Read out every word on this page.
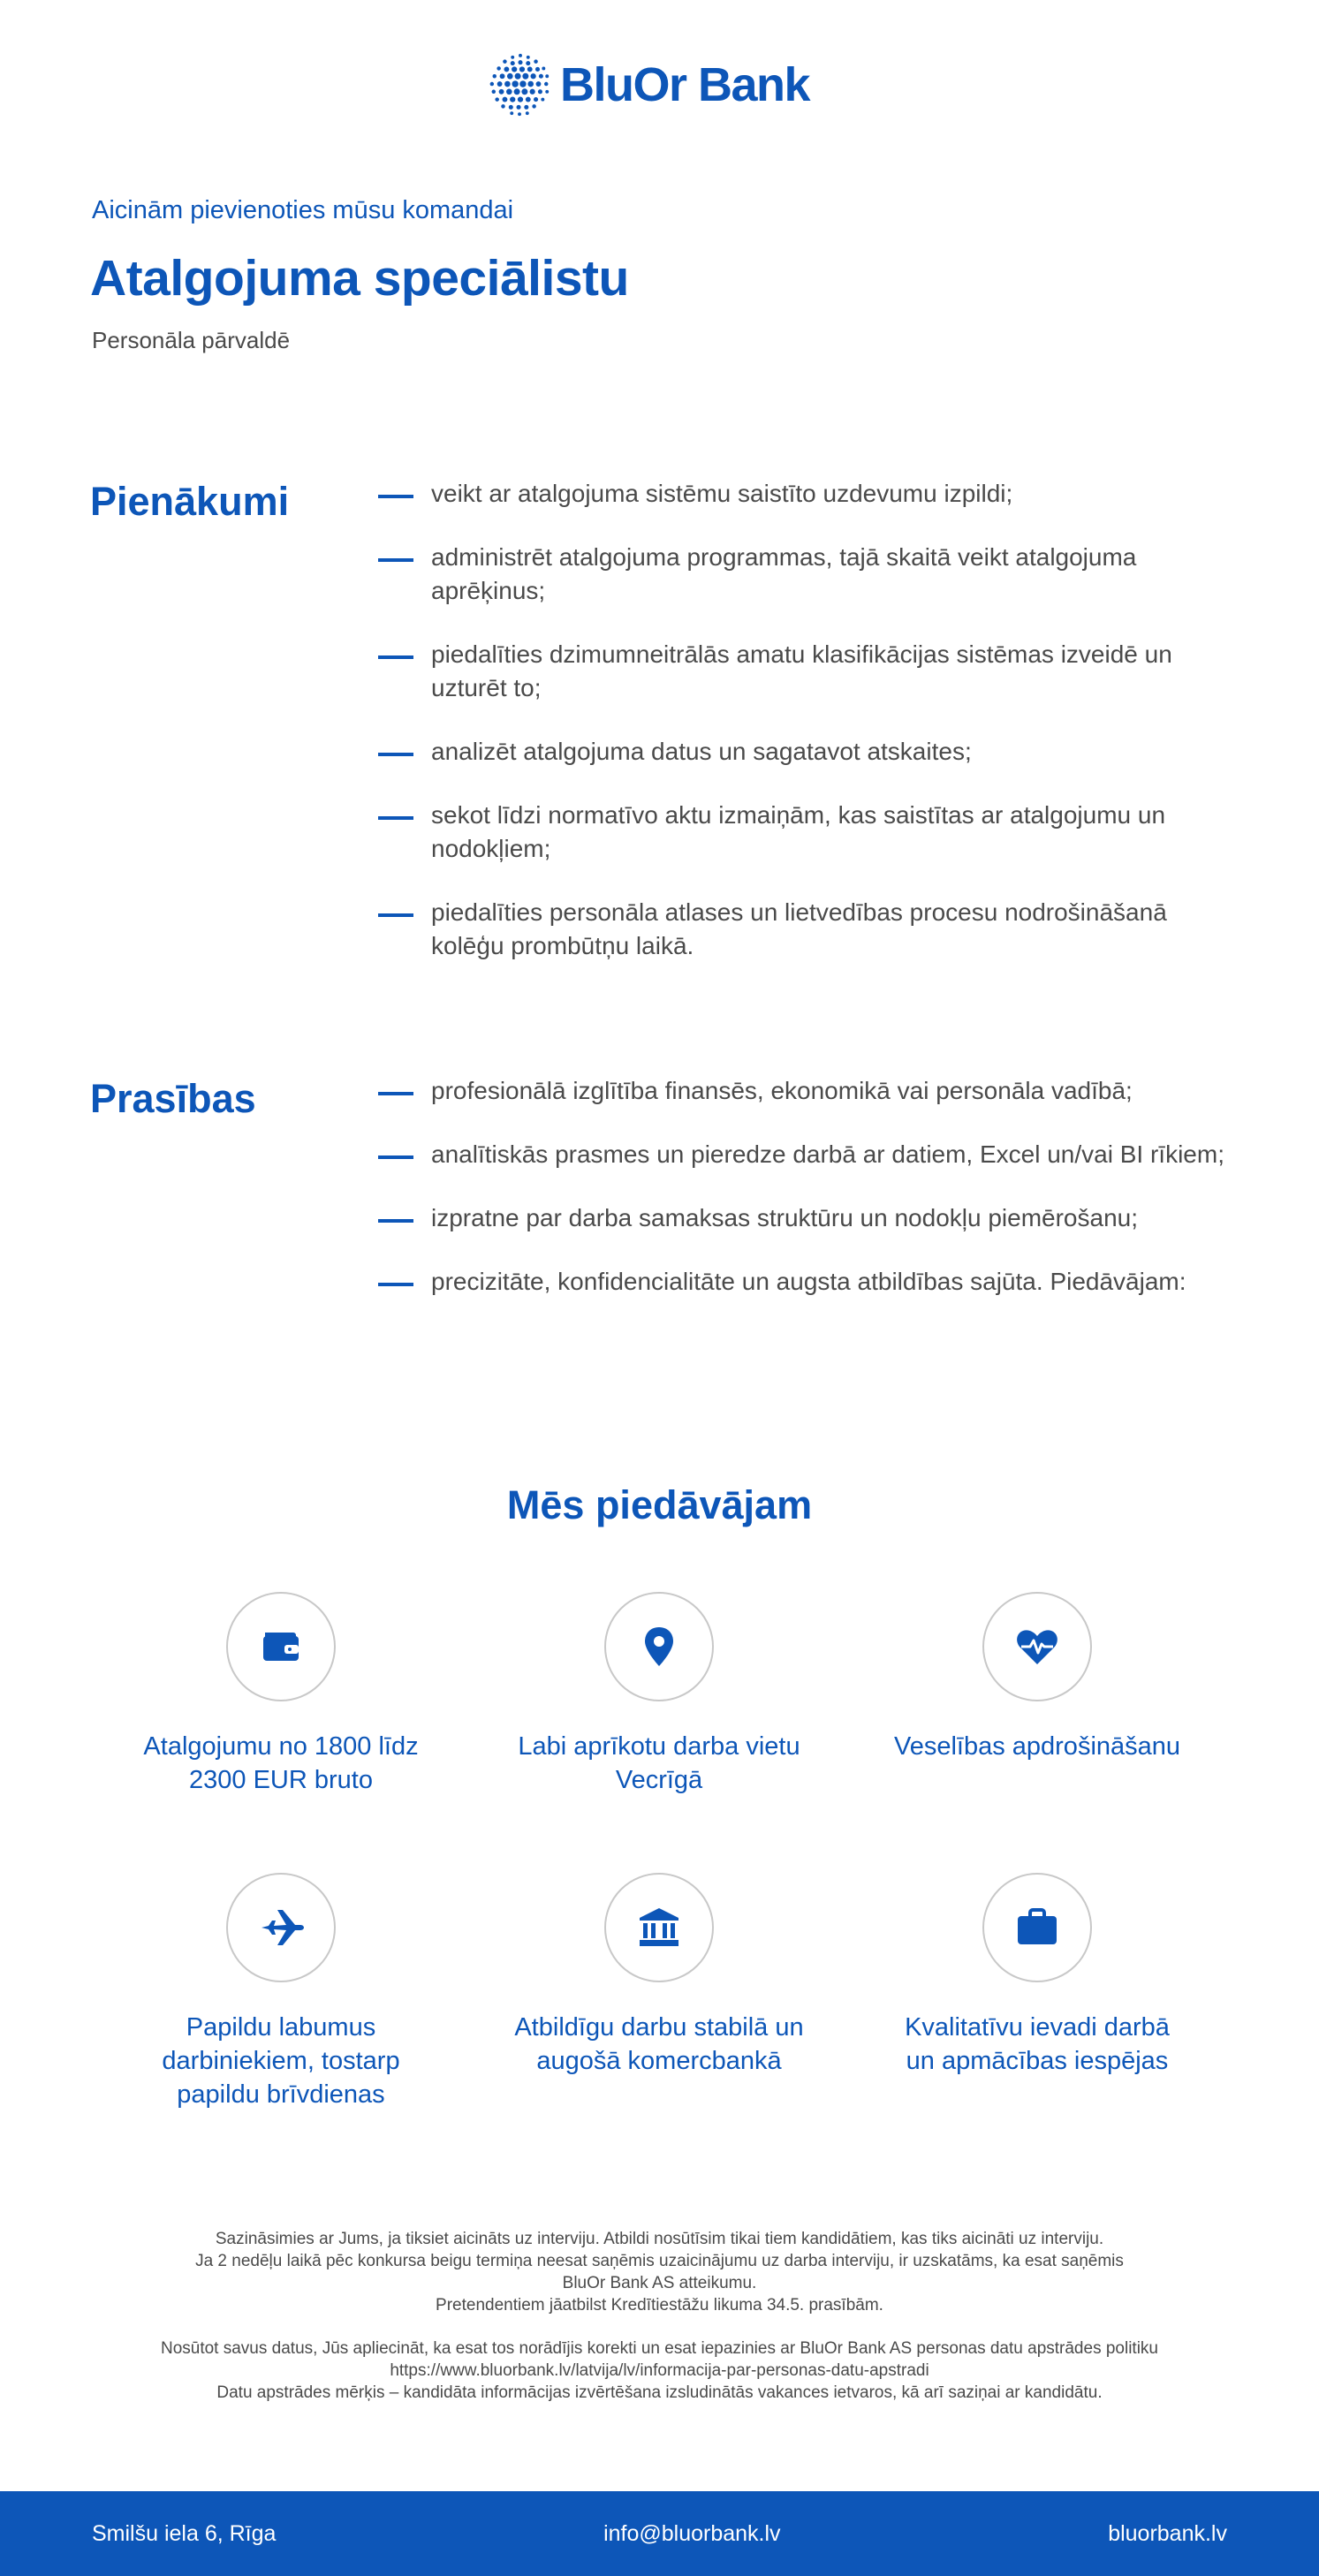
BluOr Bank
Aicinām pievienoties mūsu komandai
Atalgojuma speciālistu
Personāla pārvaldē
Pienākumi	veikt ar atalgojuma sistēmu saistīto uzdevumu izpildi;
administrēt atalgojuma programmas, tajā skaitā veikt atalgojuma aprēķinus;
piedalīties dzimumneitrālās amatu klasifikācijas sistēmas izveidē un uzturēt to;
analizēt atalgojuma datus un sagatavot atskaites;
sekot līdzi normatīvo aktu izmaiņām, kas saistītas ar atalgojumu un nodokļiem;
piedalīties personāla atlases un lietvedības procesu nodrošināšanā kolēģu prombūtņu laikā.
Prasības	profesionālā izglītība finansēs, ekonomikā vai personāla vadībā;
analītiskās prasmes un pieredze darbā ar datiem, Excel un/vai BI rīkiem;
izpratne par darba samaksas struktūru un nodokļu piemērošanu;
precizitāte, konfidencialitāte un augsta atbildības sajūta. Piedāvājam:
Mēs piedāvājam
Atalgojumu no 1800 līdz 2300 EUR bruto
Labi aprīkotu darba vietu Vecrīgā
Veselības apdrošināšanu
Papildu labumus darbiniekiem, tostarp papildu brīvdienas
Atbildīgu darbu stabilā un augošā komercbankā
Kvalitatīvu ievadi darbā un apmācības iespējas
Sazināsimies ar Jums, ja tiksiet aicināts uz interviju. Atbildi nosūtīsim tikai tiem kandidātiem, kas tiks aicināti uz interviju.
Ja 2 nedēļu laikā pēc konkursa beigu termiņa neesat saņēmis uzaicinājumu uz darba interviju, ir uzskatāms, ka esat saņēmis
BluOr Bank AS atteikumu.
Pretendentiem jāatbilst Kredītiestāžu likuma 34.5. prasībām.
Nosūtot savus datus, Jūs apliecināt, ka esat tos norādījis korekti un esat iepazinies ar BluOr Bank AS personas datu apstrādes politiku
https://www.bluorbank.lv/latvija/lv/informacija-par-personas-datu-apstradi
Datu apstrādes mērķis – kandidāta informācijas izvērtēšana izsludinātās vakances ietvaros, kā arī saziņai ar kandidātu.
Smilšu iela 6, Rīga	info@bluorbank.lv	bluorbank.lv
